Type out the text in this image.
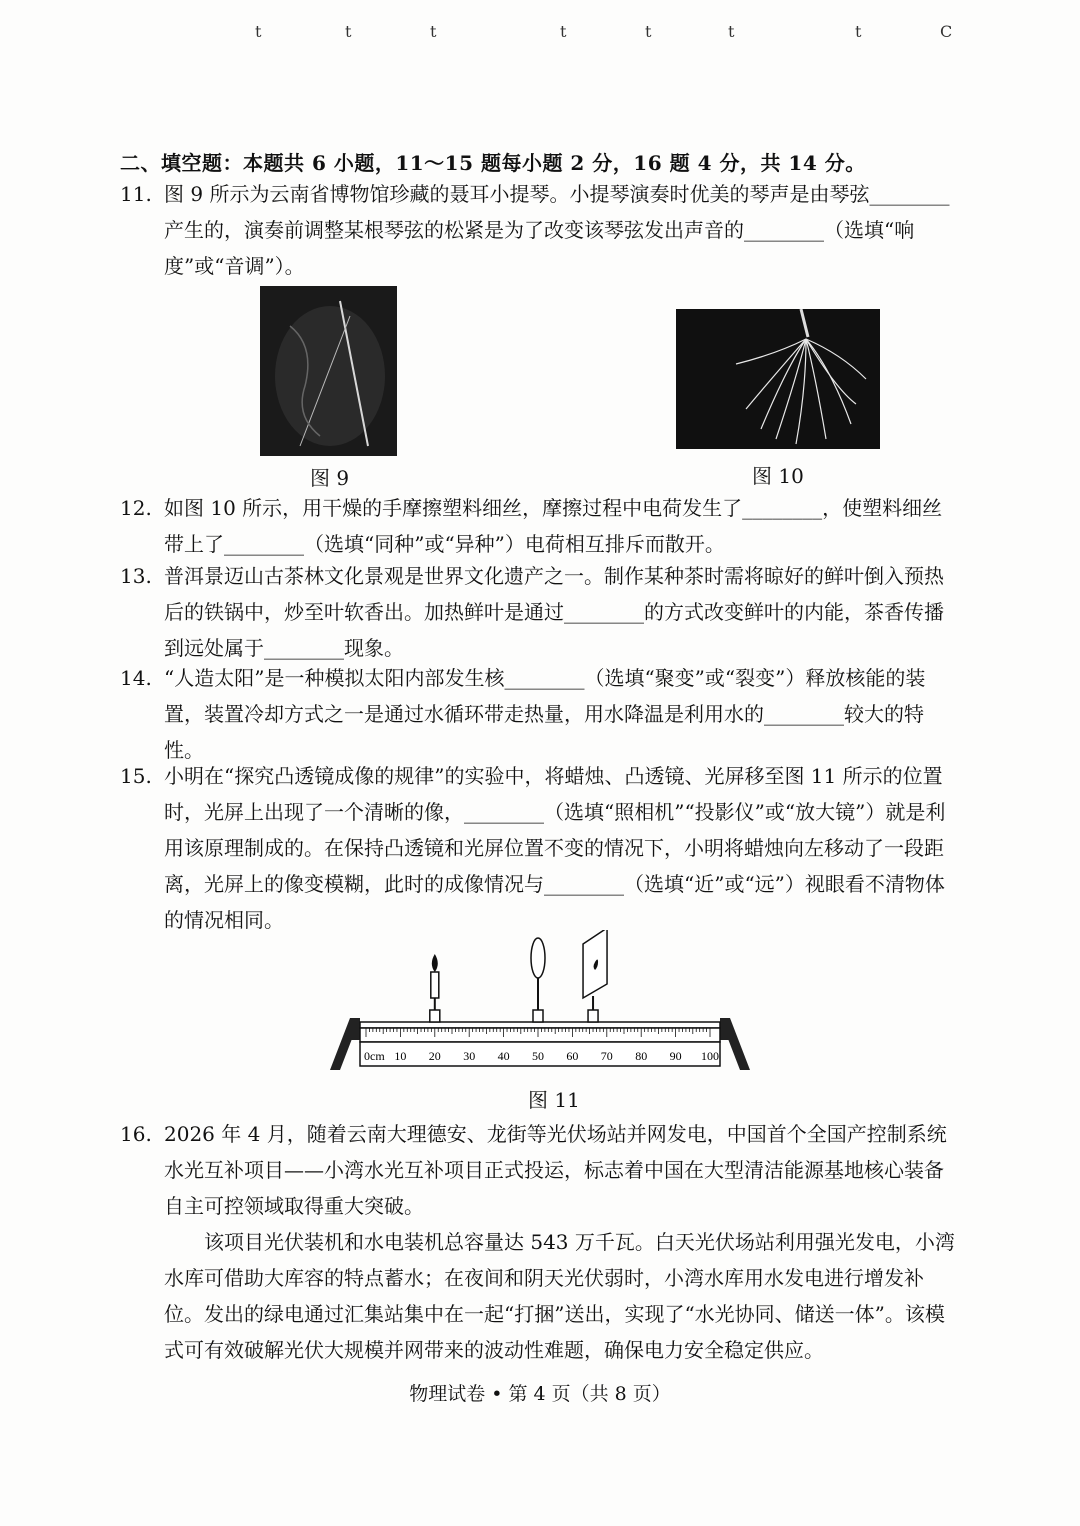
t	t	t	t	t	t	t	C
二、填空题：本题共 6 小题，11～15 题每小题 2 分，16 题 4 分，共 14 分。
11. 图 9 所示为云南省博物馆珍藏的聂耳小提琴。小提琴演奏时优美的琴声是由琴弦________产生的，演奏前调整某根琴弦的松紧是为了改变该琴弦发出声音的________（选填“响度”或“音调”）。

图 9	图 10
12. 如图 10 所示，用干燥的手摩擦塑料细丝，摩擦过程中电荷发生了________，使塑料细丝带上了________（选填“同种”或“异种”）电荷相互排斥而散开。

13. 普洱景迈山古茶林文化景观是世界文化遗产之一。制作某种茶时需将晾好的鲜叶倒入预热后的铁锅中，炒至叶软香出。加热鲜叶是通过________的方式改变鲜叶的内能，茶香传播到远处属于________现象。

14. “人造太阳”是一种模拟太阳内部发生核________（选填“聚变”或“裂变”）释放核能的装置，装置冷却方式之一是通过水循环带走热量，用水降温是利用水的________较大的特性。

15. 小明在“探究凸透镜成像的规律”的实验中，将蜡烛、凸透镜、光屏移至图 11 所示的位置时，光屏上出现了一个清晰的像，________（选填“照相机”“投影仪”或“放大镜”）就是利用该原理制成的。在保持凸透镜和光屏位置不变的情况下，小明将蜡烛向左移动了一段距离，光屏上的像变模糊，此时的成像情况与________（选填“近”或“远”）视眼看不清物体的情况相同。

0cm 10 20 30 40 50 60 70 80 90 100
图 11
16. 2026 年 4 月，随着云南大理德安、龙街等光伏场站并网发电，中国首个全国产控制系统水光互补项目——小湾水光互补项目正式投运，标志着中国在大型清洁能源基地核心装备自主可控领域取得重大突破。

该项目光伏装机和水电装机总容量达 543 万千瓦。白天光伏场站利用强光发电，小湾水库可借助大库容的特点蓄水；在夜间和阴天光伏弱时，小湾水库用水发电进行增发补位。发出的绿电通过汇集站集中在一起“打捆”送出，实现了“水光协同、储送一体”。该模式可有效破解光伏大规模并网带来的波动性难题，确保电力安全稳定供应。

物理试卷 • 第 4 页（共 8 页）
